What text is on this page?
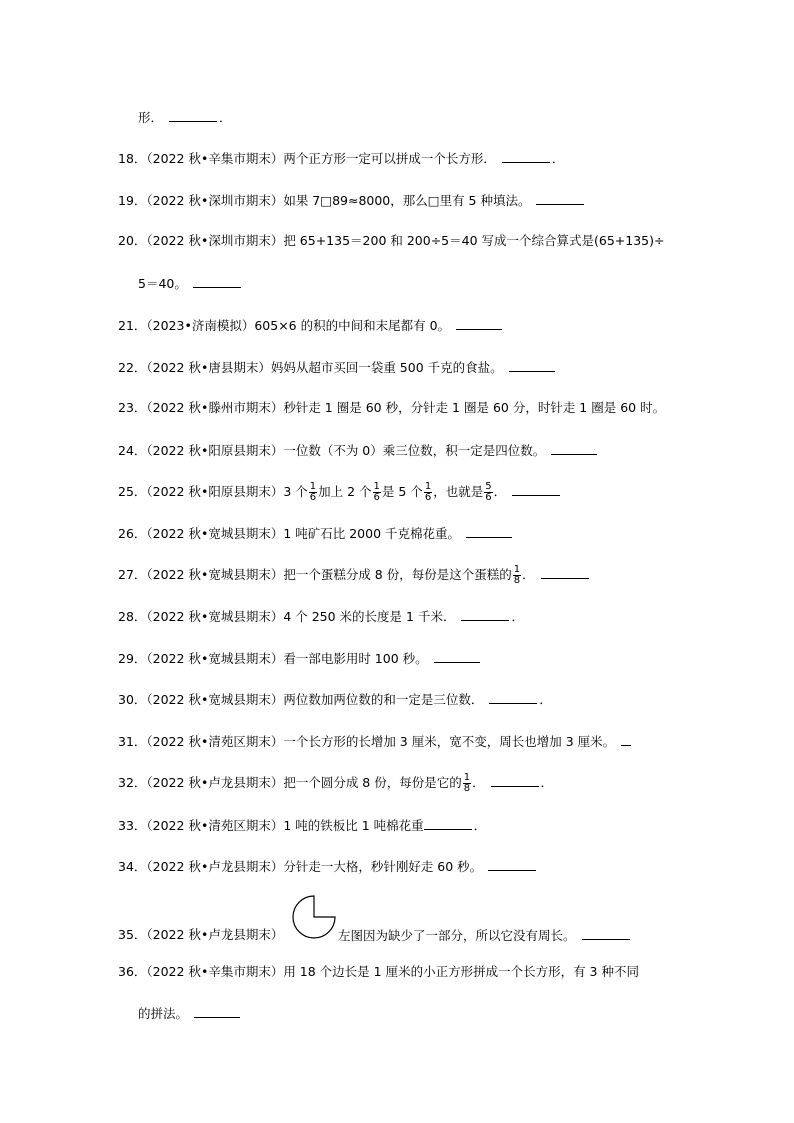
形．	．
18．（2022 秋•辛集市期末）两个正方形一定可以拼成一个长方形．	．
19．（2022 秋•深圳市期末）如果 7□89≈8000，那么□里有 5 种填法。
20．（2022 秋•深圳市期末）把 65+135＝200 和 200÷5＝40 写成一个综合算式是(65+135)÷
5＝40。
21．（2023•济南模拟）605×6 的积的中间和末尾都有 0。
22．（2022 秋•唐县期末）妈妈从超市买回一袋重 500 千克的食盐。
23．（2022 秋•滕州市期末）秒针走 1 圈是 60 秒，分针走 1 圈是 60 分，时针走 1 圈是 60 时。
24．（2022 秋•阳原县期末）一位数（不为 0）乘三位数，积一定是四位数。
25．（2022 秋•阳原县期末）3 个 $\frac{1}{6}$ 加上 2 个 $\frac{1}{6}$ 是 5 个 $\frac{1}{6}$ ，也就是 $\frac{5}{6}$ ．
26．（2022 秋•宽城县期末）1 吨矿石比 2000 千克棉花重。
27．（2022 秋•宽城县期末）把一个蛋糕分成 8 份，每份是这个蛋糕的 $\frac{1}{8}$ ．
28．（2022 秋•宽城县期末）4 个 250 米的长度是 1 千米．	．
29．（2022 秋•宽城县期末）看一部电影用时 100 秒。
30．（2022 秋•宽城县期末）两位数加两位数的和一定是三位数．	．
31．（2022 秋•清苑区期末）一个长方形的长增加 3 厘米，宽不变，周长也增加 3 厘米。
32．（2022 秋•卢龙县期末）把一个圆分成 8 份，每份是它的 $\frac{1}{8}$ ．	．
33．（2022 秋•清苑区期末）1 吨的铁板比 1 吨棉花重	．
34．（2022 秋•卢龙县期末）分针走一大格，秒针刚好走 60 秒。
35．（2022 秋•卢龙县期末）	左图因为缺少了一部分，所以它没有周长。
36．（2022 秋•辛集市期末）用 18 个边长是 1 厘米的小正方形拼成一个长方形，有 3 种不同
的拼法。
